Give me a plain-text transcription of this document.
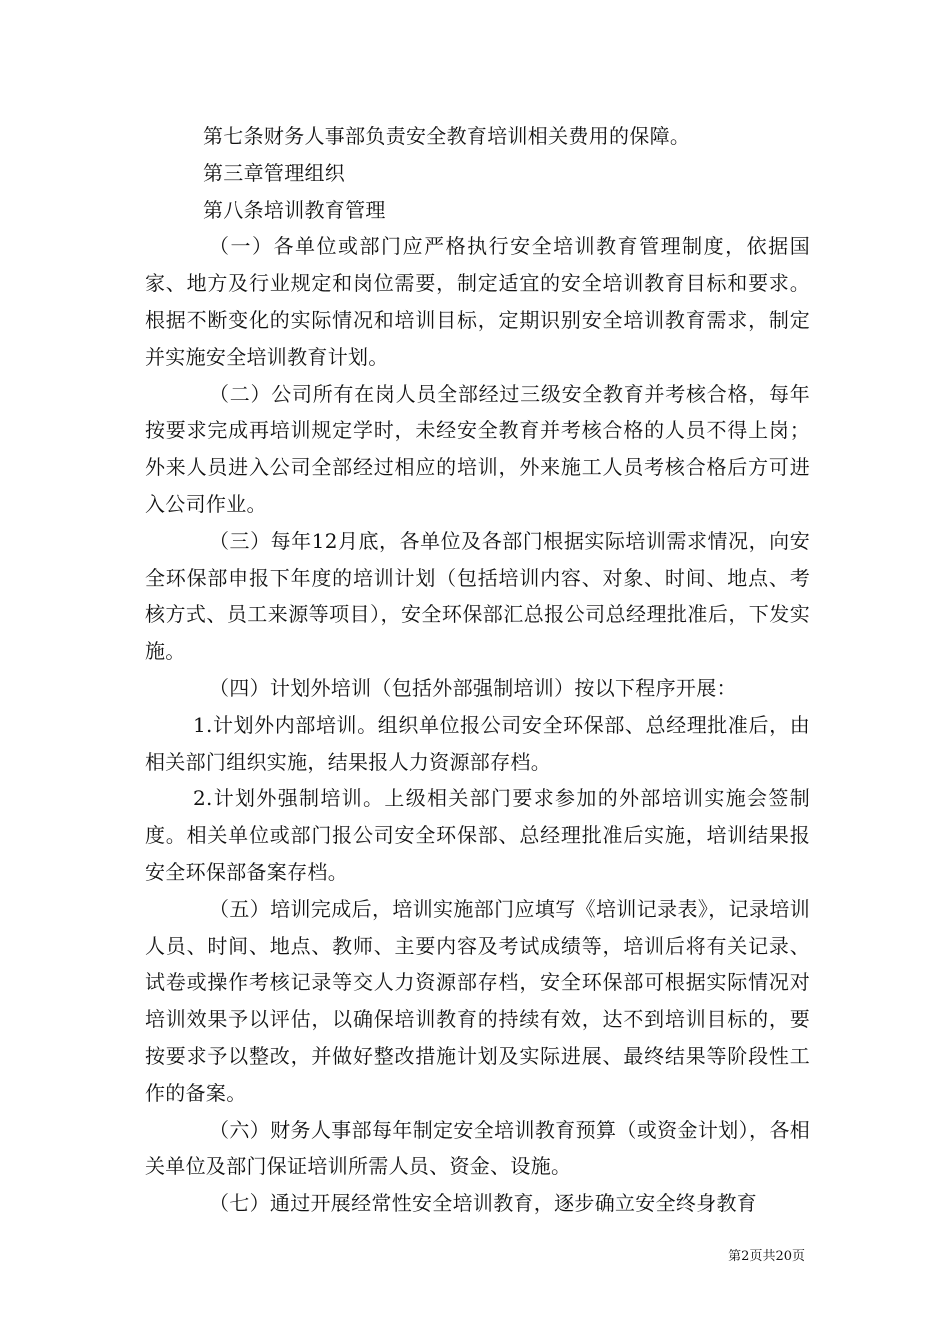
第七条财务人事部负责安全教育培训相关费用的保障。

第三章管理组织

第八条培训教育管理

（一）各单位或部门应严格执行安全培训教育管理制度，依据国家、地方及行业规定和岗位需要，制定适宜的安全培训教育目标和要求。根据不断变化的实际情况和培训目标，定期识别安全培训教育需求，制定并实施安全培训教育计划。

（二）公司所有在岗人员全部经过三级安全教育并考核合格，每年按要求完成再培训规定学时，未经安全教育并考核合格的人员不得上岗；外来人员进入公司全部经过相应的培训，外来施工人员考核合格后方可进入公司作业。

（三）每年12月底，各单位及各部门根据实际培训需求情况，向安全环保部申报下年度的培训计划（包括培训内容、对象、时间、地点、考核方式、员工来源等项目），安全环保部汇总报公司总经理批准后，下发实施。

（四）计划外培训（包括外部强制培训）按以下程序开展：

1.计划外内部培训。组织单位报公司安全环保部、总经理批准后，由相关部门组织实施，结果报人力资源部存档。

2.计划外强制培训。上级相关部门要求参加的外部培训实施会签制度。相关单位或部门报公司安全环保部、总经理批准后实施，培训结果报安全环保部备案存档。

（五）培训完成后，培训实施部门应填写《培训记录表》，记录培训人员、时间、地点、教师、主要内容及考试成绩等，培训后将有关记录、试卷或操作考核记录等交人力资源部存档，安全环保部可根据实际情况对培训效果予以评估，以确保培训教育的持续有效，达不到培训目标的，要按要求予以整改，并做好整改措施计划及实际进展、最终结果等阶段性工作的备案。

（六）财务人事部每年制定安全培训教育预算（或资金计划），各相关单位及部门保证培训所需人员、资金、设施。

（七）通过开展经常性安全培训教育，逐步确立安全终身教育

第2页共20页
